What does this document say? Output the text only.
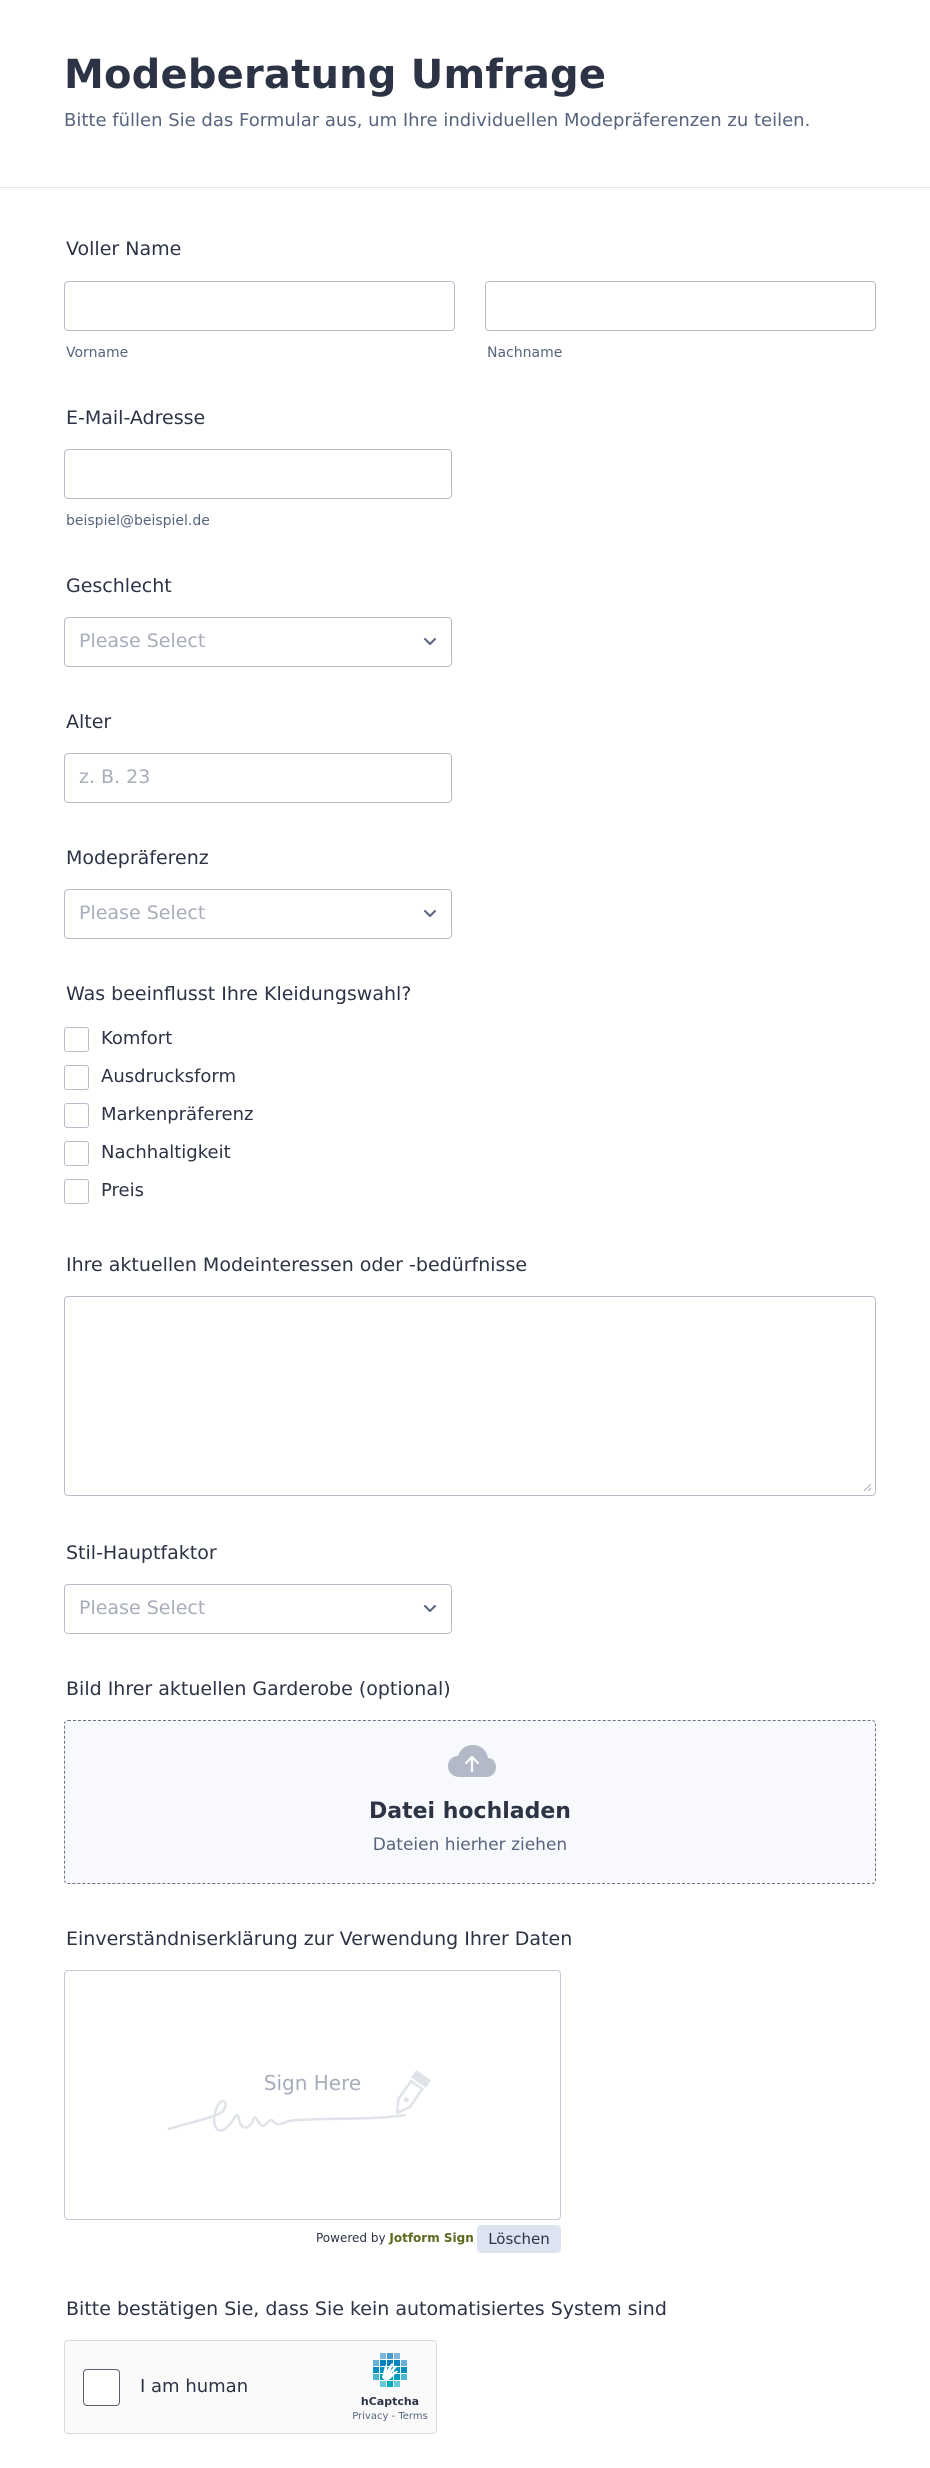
Modeberatung Umfrage
Bitte füllen Sie das Formular aus, um Ihre individuellen Modepräferenzen zu teilen.
Voller Name
Vorname	Nachname
E-Mail-Adresse
beispiel@beispiel.de
Geschlecht
Please Select
Alter
z. B. 23
Modepräferenz
Please Select
Was beeinflusst Ihre Kleidungswahl?
Komfort
Ausdrucksform
Markenpräferenz
Nachhaltigkeit
Preis
Ihre aktuellen Modeinteressen oder -bedürfnisse
Stil-Hauptfaktor
Please Select
Bild Ihrer aktuellen Garderobe (optional)
Datei hochladen
Dateien hierher ziehen
Einverständniserklärung zur Verwendung Ihrer Daten
Sign Here
Powered by Jotform Sign Löschen
Bitte bestätigen Sie, dass Sie kein automatisiertes System sind
I am human
hCaptcha
Privacy - Terms
